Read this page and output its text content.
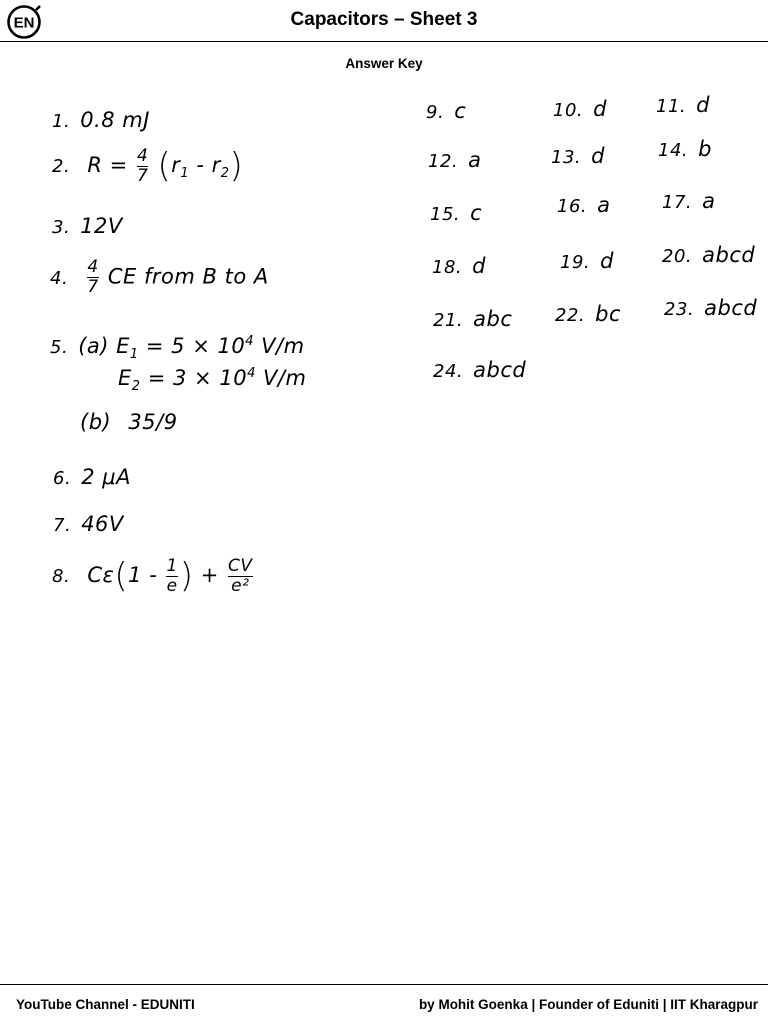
EN	Capacitors – Sheet 3
Answer Key
1. 0.8 mJ
2. $R = \frac{4}{7} (r_1 - r_2)$
3. 12V
4. $\frac{4}{7}$ CE from B to A
5. (a) $E_1 = 5 \times 10^4$ V/m
$E_2 = 3 \times 10^4$ V/m
(b) 35/9
6. 2 μA
7. 46V
8. $C\varepsilon(1 - \frac{1}{e}$ ) + $\frac{CV}{\text{e²}}$
9. c	10. d	11. d
12. a	13. d	14. b
15. c	16. a	17. a
18. d	19. d	20. abcd
21. abc 22. bc 23. abcd
24. abcd
YouTube Channel - EDUNITI	by Mohit Goenka | Founder of Eduniti | IIT Kharagpur
